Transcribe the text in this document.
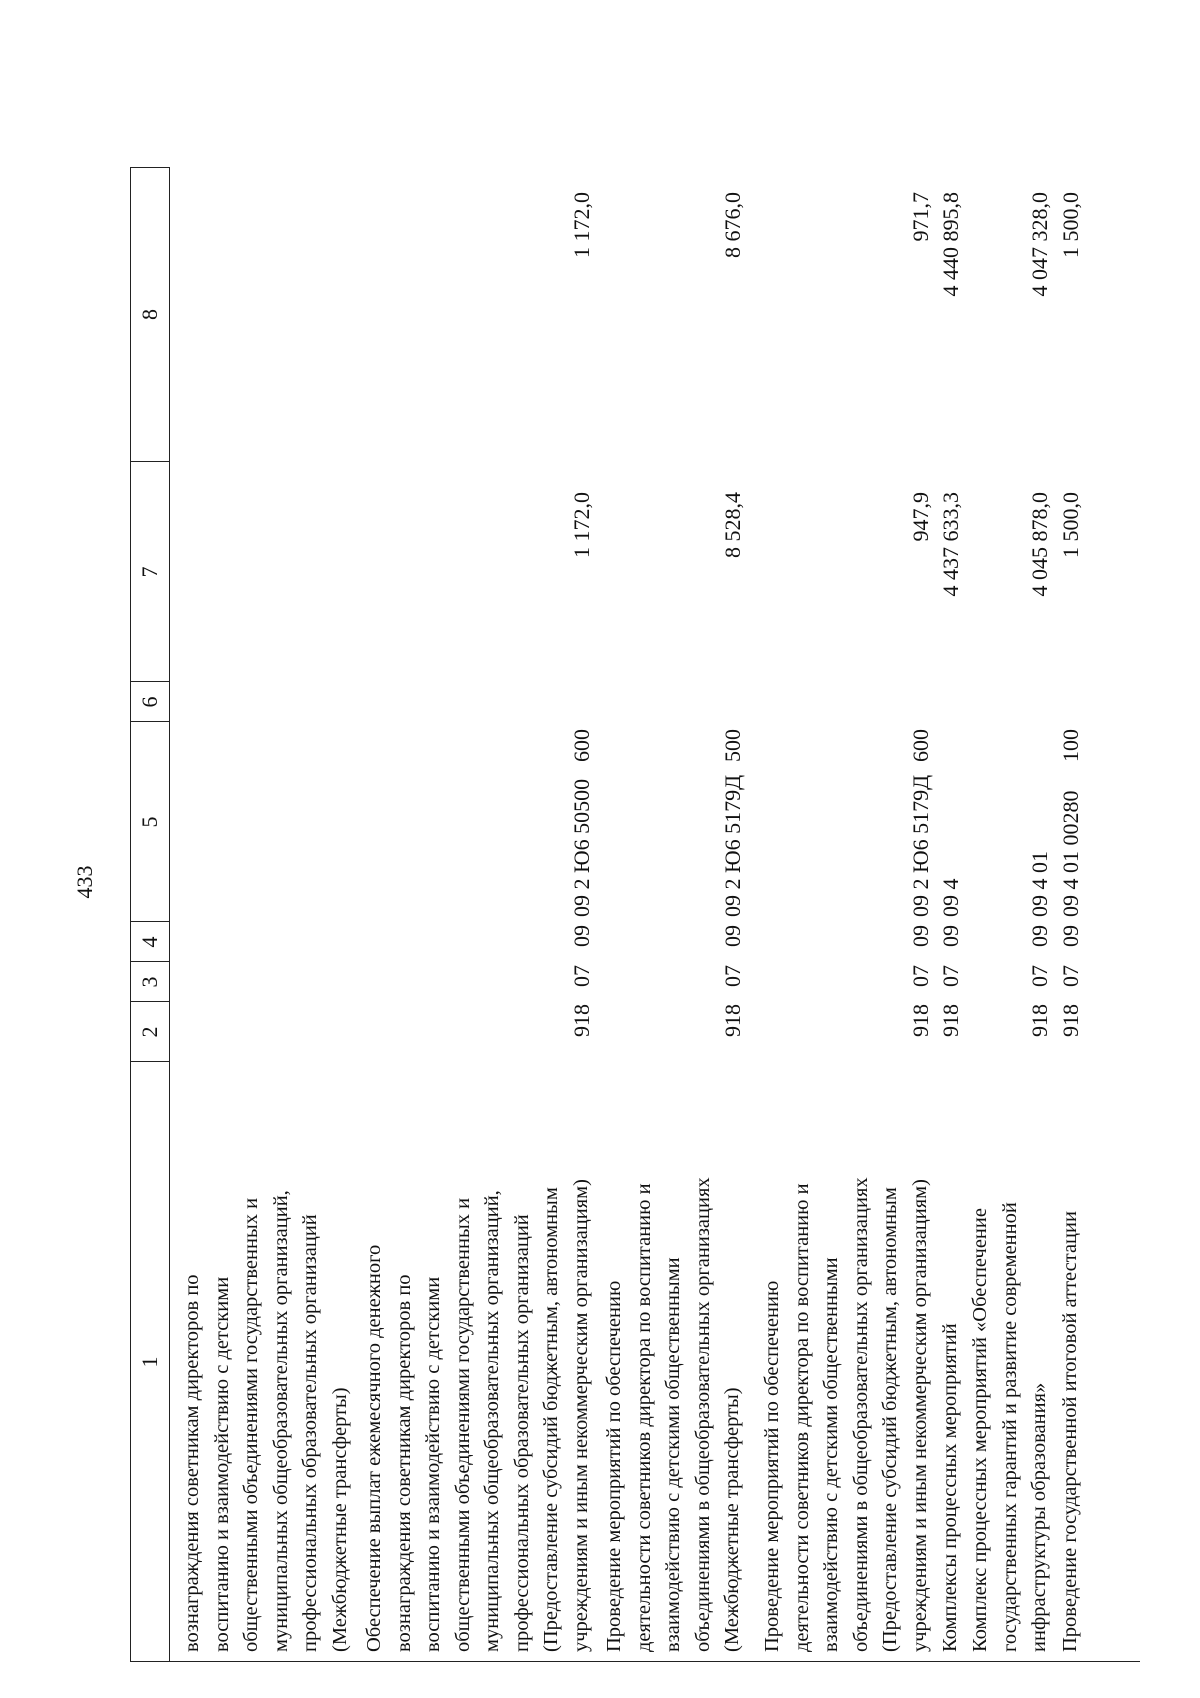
433
1
2
3
4
5
6
7
8
вознаграждения советникам директоров по воспитанию и взаимодействию с детскими общественными объединениями государственных и муниципальных общеобразовательных организаций, профессиональных образовательных организаций (Межбюджетные трансферты) Обеспечение выплат ежемесячного денежного вознаграждения советникам директоров по воспитанию и взаимодействию с детскими общественными объединениями государственных и муниципальных общеобразовательных организаций, профессиональных образовательных организаций (Предоставление субсидий бюджетным, автономным учреждениям и иным некоммерческим организациям)
918
07
09
09 2 Ю6 50500
600
1 172,0
1 172,0
Проведение мероприятий по обеспечению деятельности советников директора по воспитанию и взаимодействию с детскими общественными объединениями в общеобразовательных организациях (Межбюджетные трансферты)
918
07
09
09 2 Ю6 5179Д
500
8 528,4
8 676,0
Проведение мероприятий по обеспечению деятельности советников директора по воспитанию и взаимодействию с детскими общественными объединениями в общеобразовательных организациях (Предоставление субсидий бюджетным, автономным учреждениям и иным некоммерческим организациям)
918
07
09
09 2 Ю6 5179Д
600
947,9
971,7
Комплексы процессных мероприятий
918
07
09
09 4
4 437 633,3
4 440 895,8
Комплекс процессных мероприятий «Обеспечение государственных гарантий и развитие современной инфраструктуры образования»
918
07
09
09 4 01
4 045 878,0
4 047 328,0
Проведение государственной итоговой аттестации
918
07
09
09 4 01 00280
100
1 500,0
1 500,0
